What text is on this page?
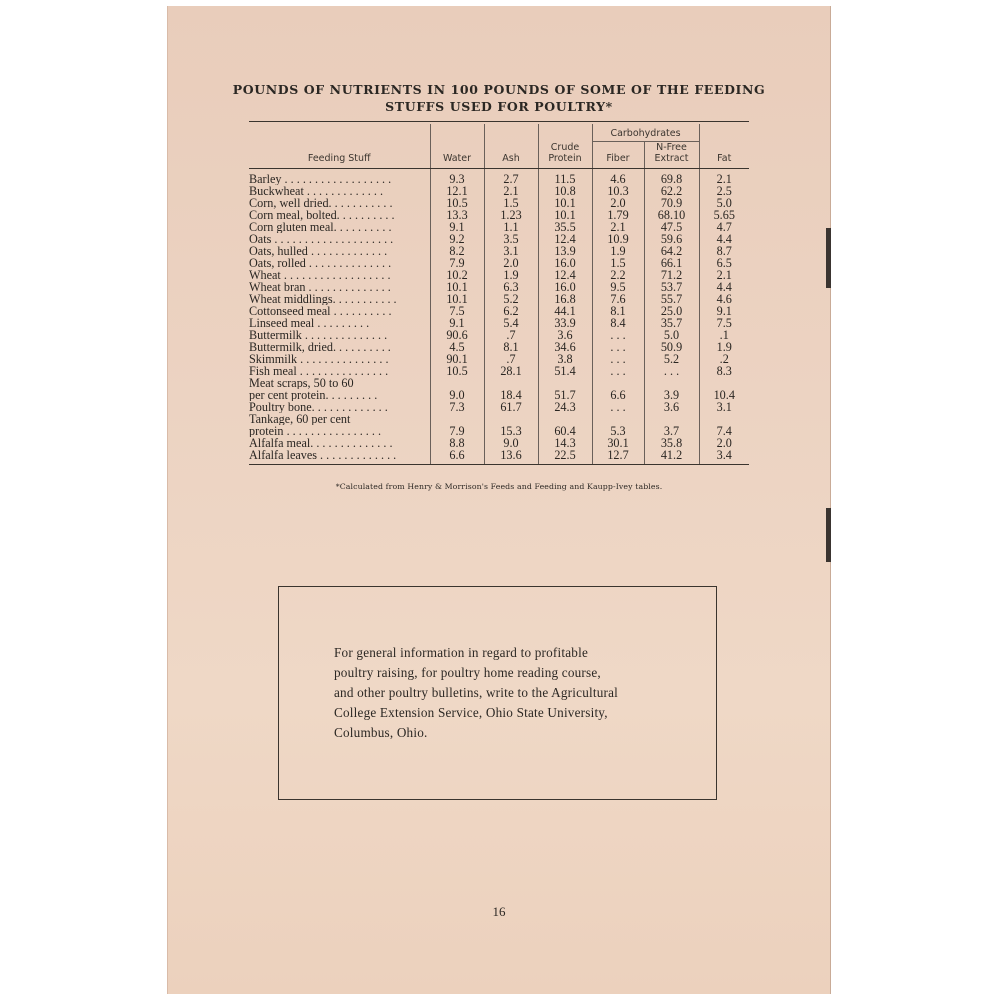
POUNDS OF NUTRIENTS IN 100 POUNDS OF SOME OF THE FEEDING
STUFFS USED FOR POULTRY*
Feeding Stuff	Water	Ash	Crude Protein	Carbohydrates		Fat
				Fiber	N-Free Extract	
Barley . . . . . . . . . . . . . . . . . .	9.3	2.7	11.5	4.6	69.8	2.1
Buckwheat . . . . . . . . . . . . .	12.1	2.1	10.8	10.3	62.2	2.5
Corn, well dried. . . . . . . . . . .	10.5	1.5	10.1	2.0	70.9	5.0
Corn meal, bolted. . . . . . . . . .	13.3	1.23	10.1	1.79	68.10	5.65
Corn gluten meal. . . . . . . . . .	9.1	1.1	35.5	2.1	47.5	4.7
Oats . . . . . . . . . . . . . . . . . . . .	9.2	3.5	12.4	10.9	59.6	4.4
Oats, hulled . . . . . . . . . . . . .	8.2	3.1	13.9	1.9	64.2	8.7
Oats, rolled . . . . . . . . . . . . . .	7.9	2.0	16.0	1.5	66.1	6.5
Wheat . . . . . . . . . . . . . . . . . .	10.2	1.9	12.4	2.2	71.2	2.1
Wheat bran . . . . . . . . . . . . . .	10.1	6.3	16.0	9.5	53.7	4.4
Wheat middlings. . . . . . . . . . .	10.1	5.2	16.8	7.6	55.7	4.6
Cottonseed meal . . . . . . . . . .	7.5	6.2	44.1	8.1	25.0	9.1
Linseed meal . . . . . . . . .	9.1	5.4	33.9	8.4	35.7	7.5
Buttermilk . . . . . . . . . . . . . .	90.6	.7	3.6	. . .	5.0	.1
Buttermilk, dried. . . . . . . . . .	4.5	8.1	34.6	. . .	50.9	1.9
Skimmilk . . . . . . . . . . . . . . .	90.1	.7	3.8	. . .	5.2	.2
Fish meal . . . . . . . . . . . . . . .	10.5	28.1	51.4	. . .	. . .	8.3
Meat scraps, 50 to 60						
per cent protein. . . . . . . . .	9.0	18.4	51.7	6.6	3.9	10.4
Poultry bone. . . . . . . . . . . . .	7.3	61.7	24.3	. . .	3.6	3.1
Tankage, 60 per cent						
protein . . . . . . . . . . . . . . . .	7.9	15.3	60.4	5.3	3.7	7.4
Alfalfa meal. . . . . . . . . . . . . .	8.8	9.0	14.3	30.1	35.8	2.0
Alfalfa leaves . . . . . . . . . . . . .	6.6	13.6	22.5	12.7	41.2	3.4
*Calculated from Henry & Morrison's Feeds and Feeding and Kaupp-Ivey tables.
For general information in regard to profitable
poultry raising, for poultry home reading course,
and other poultry bulletins, write to the Agricultural
College Extension Service, Ohio State University,
Columbus, Ohio.
16
